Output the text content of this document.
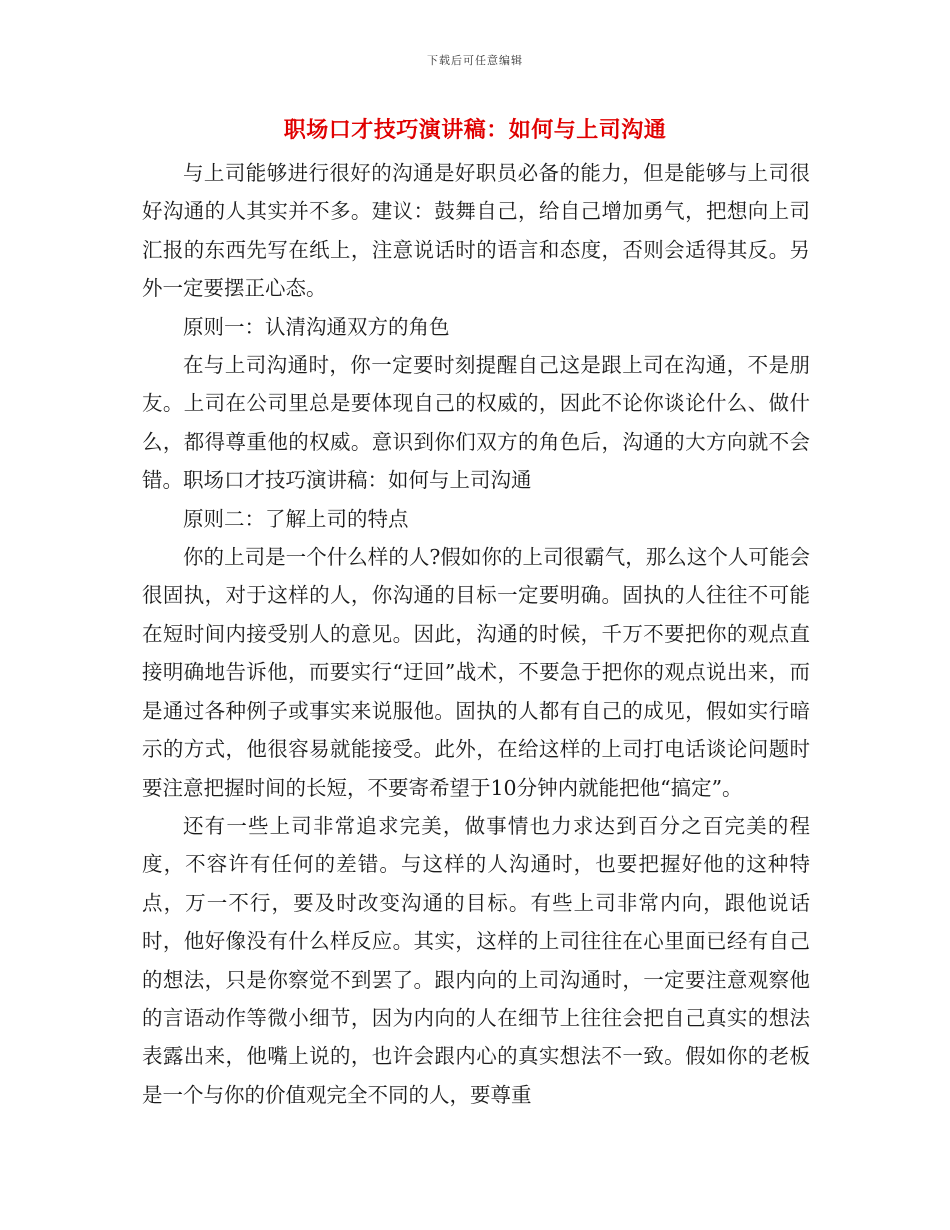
下载后可任意编辑
职场口才技巧演讲稿：如何与上司沟通

与上司能够进行很好的沟通是好职员必备的能力，但是能够与上司很好沟通的人其实并不多。建议：鼓舞自己，给自己增加勇气，把想向上司汇报的东西先写在纸上，注意说话时的语言和态度，否则会适得其反。另外一定要摆正心态。

原则一：认清沟通双方的角色

在与上司沟通时，你一定要时刻提醒自己这是跟上司在沟通，不是朋友。上司在公司里总是要体现自己的权威的，因此不论你谈论什么、做什么，都得尊重他的权威。意识到你们双方的角色后，沟通的大方向就不会错。职场口才技巧演讲稿：如何与上司沟通

原则二：了解上司的特点

你的上司是一个什么样的人?假如你的上司很霸气，那么这个人可能会很固执，对于这样的人，你沟通的目标一定要明确。固执的人往往不可能在短时间内接受别人的意见。因此，沟通的时候，千万不要把你的观点直接明确地告诉他，而要实行“迂回”战术，不要急于把你的观点说出来，而是通过各种例子或事实来说服他。固执的人都有自己的成见，假如实行暗示的方式，他很容易就能接受。此外，在给这样的上司打电话谈论问题时要注意把握时间的长短，不要寄希望于10分钟内就能把他“搞定”。

还有一些上司非常追求完美，做事情也力求达到百分之百完美的程度，不容许有任何的差错。与这样的人沟通时，也要把握好他的这种特点，万一不行，要及时改变沟通的目标。有些上司非常内向，跟他说话时，他好像没有什么样反应。其实，这样的上司往往在心里面已经有自己的想法，只是你察觉不到罢了。跟内向的上司沟通时，一定要注意观察他的言语动作等微小细节，因为内向的人在细节上往往会把自己真实的想法表露出来，他嘴上说的，也许会跟内心的真实想法不一致。假如你的老板是一个与你的价值观完全不同的人，要尊重
